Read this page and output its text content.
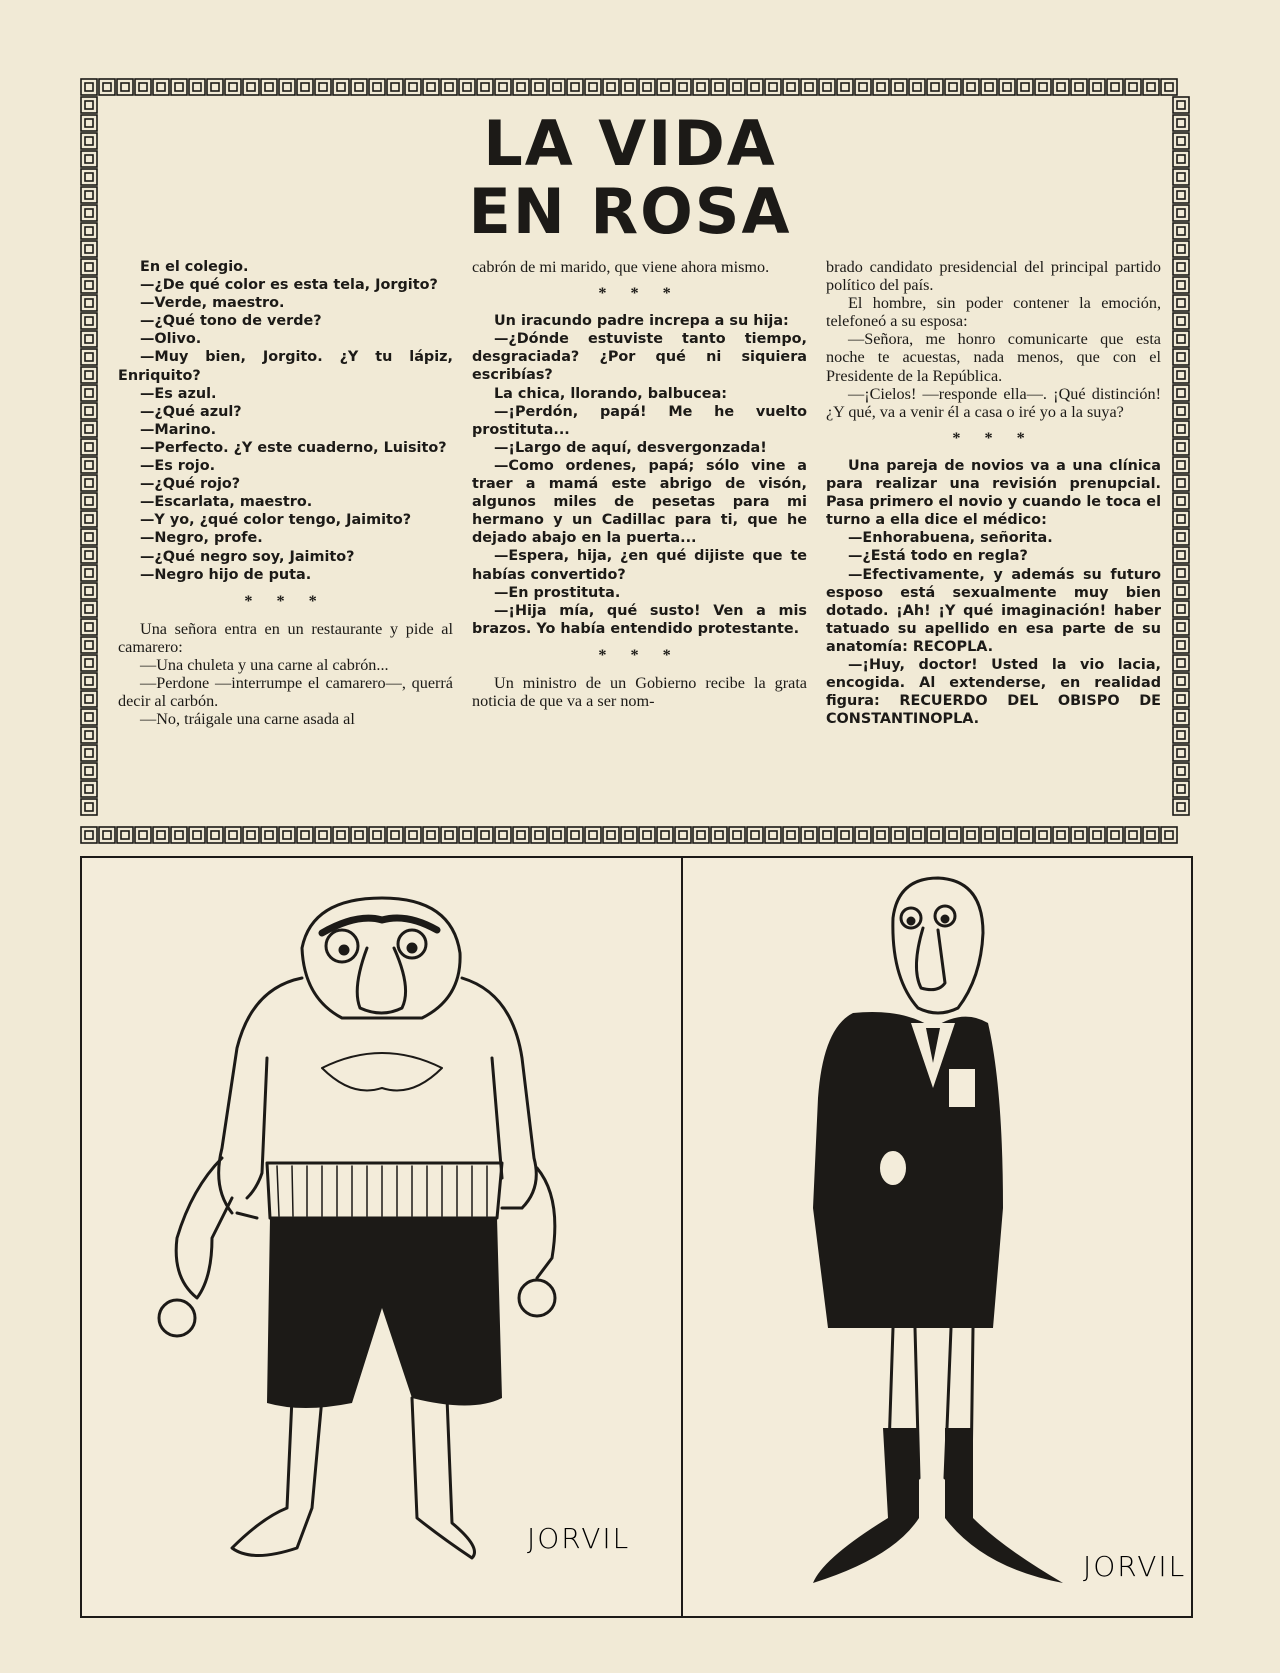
LA VIDA
EN ROSA

En el colegio.

—¿De qué color es esta tela, Jorgito?

—Verde, maestro.

—¿Qué tono de verde?

—Olivo.

—Muy bien, Jorgito. ¿Y tu lápiz, Enriquito?

—Es azul.

—¿Qué azul?

—Marino.

—Perfecto. ¿Y este cuaderno, Luisito?

—Es rojo.

—¿Qué rojo?

—Escarlata, maestro.

—Y yo, ¿qué color tengo, Jaimito?

—Negro, profe.

—¿Qué negro soy, Jaimito?

—Negro hijo de puta.

* * *

Una señora entra en un restaurante y pide al camarero:

—Una chuleta y una carne al cabrón...

—Perdone —interrumpe el camarero—, querrá decir al carbón.

—No, tráigale una carne asada al

cabrón de mi marido, que viene ahora mismo.

* * *

Un iracundo padre increpa a su hija:

—¿Dónde estuviste tanto tiempo, desgraciada? ¿Por qué ni siquiera escribías?

La chica, llorando, balbucea:

—¡Perdón, papá! Me he vuelto prostituta...

—¡Largo de aquí, desvergonzada!

—Como ordenes, papá; sólo vine a traer a mamá este abrigo de visón, algunos miles de pesetas para mi hermano y un Cadillac para ti, que he dejado abajo en la puerta...

—Espera, hija, ¿en qué dijiste que te habías convertido?

—En prostituta.

—¡Hija mía, qué susto! Ven a mis brazos. Yo había entendido protestante.

* * *

Un ministro de un Gobierno recibe la grata noticia de que va a ser nom-

brado candidato presidencial del principal partido político del país.

El hombre, sin poder contener la emoción, telefoneó a su esposa:

—Señora, me honro comunicarte que esta noche te acuestas, nada menos, que con el Presidente de la República.

—¡Cielos! —responde ella—. ¡Qué distinción! ¿Y qué, va a venir él a casa o iré yo a la suya?

* * *

Una pareja de novios va a una clínica para realizar una revisión prenupcial. Pasa primero el novio y cuando le toca el turno a ella dice el médico:

—Enhorabuena, señorita.

—¿Está todo en regla?

—Efectivamente, y además su futuro esposo está sexualmente muy bien dotado. ¡Ah! ¡Y qué imaginación! haber tatuado su apellido en esa parte de su anatomía: RECOPLA.

—¡Huy, doctor! Usted la vio lacia, encogida. Al extenderse, en realidad figura: RECUERDO DEL OBISPO DE CONSTANTINOPLA.

JORVIL
JORVIL
